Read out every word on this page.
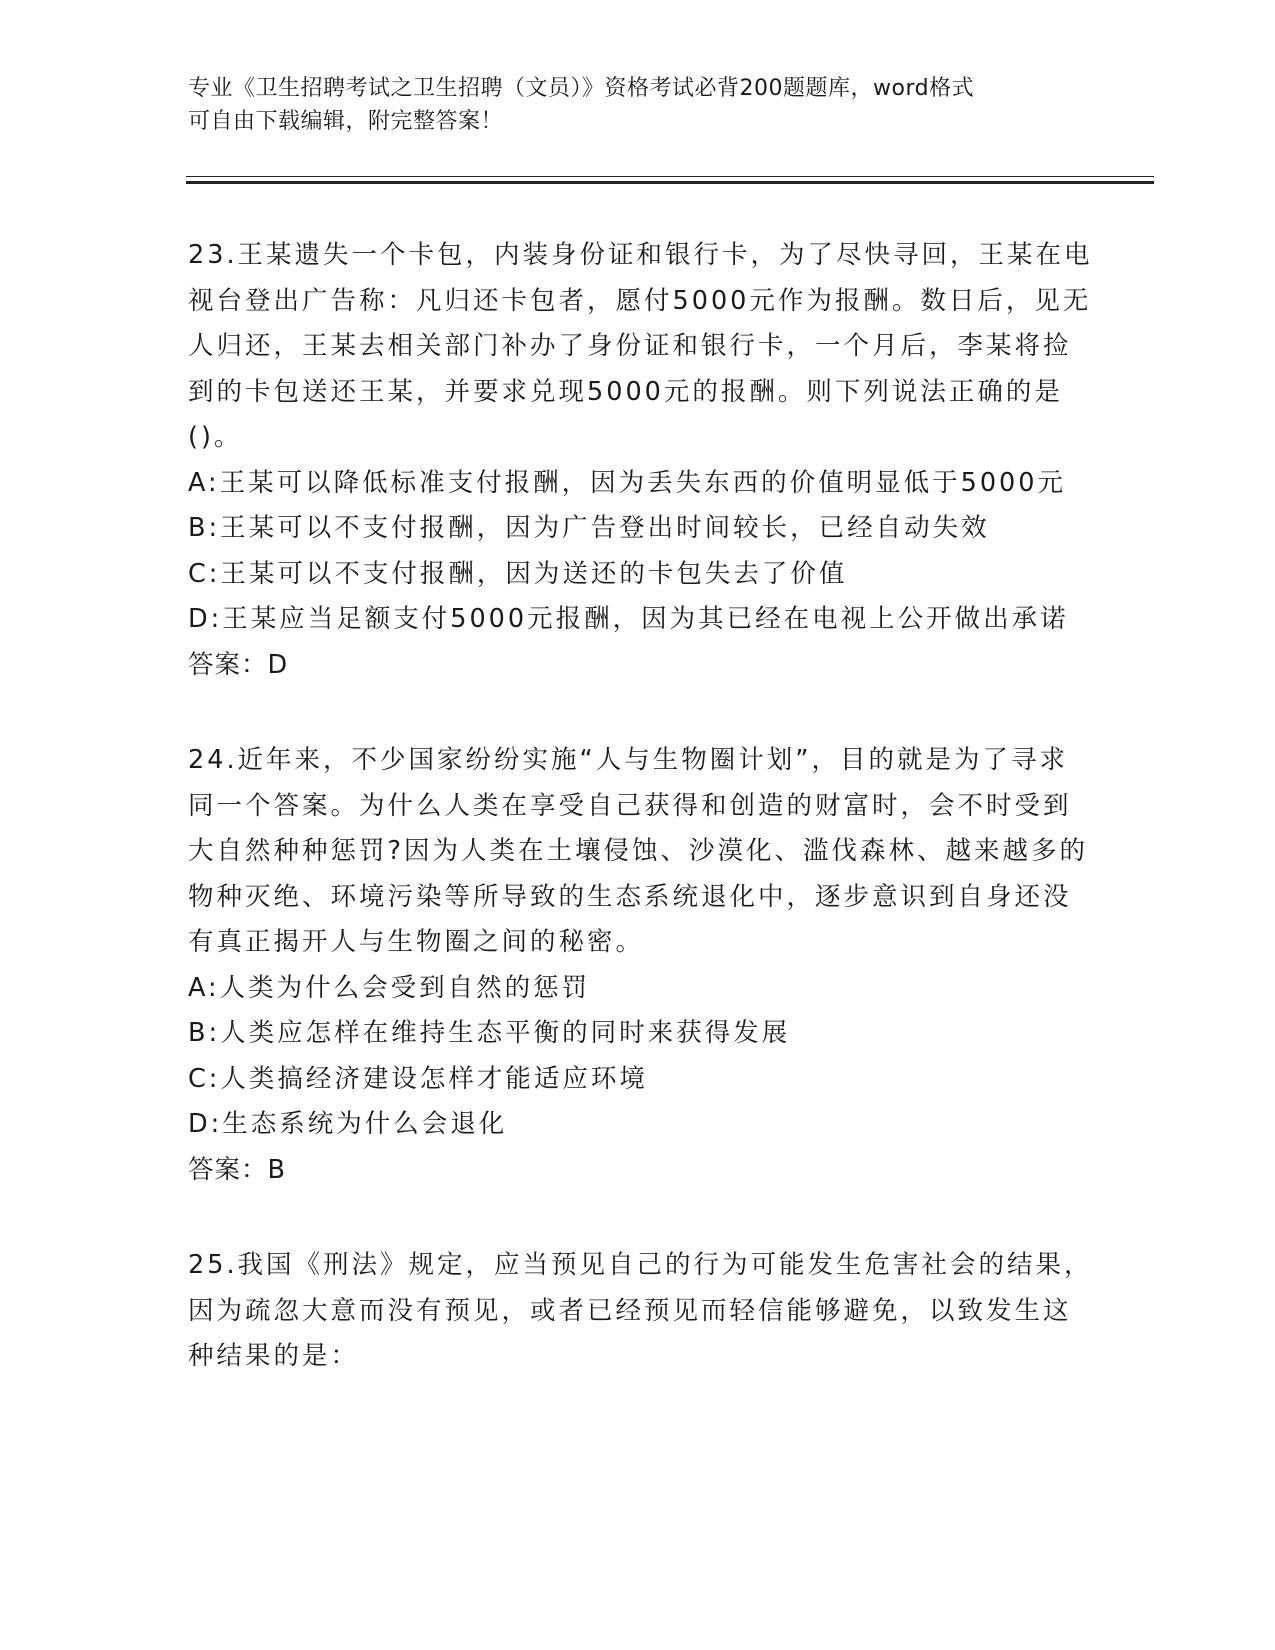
专业《卫生招聘考试之卫生招聘（文员）》资格考试必背200题题库，word格式
可自由下载编辑，附完整答案！

23.王某遗失一个卡包，内装身份证和银行卡，为了尽快寻回，王某在电视台登出广告称：凡归还卡包者，愿付5000元作为报酬。数日后，见无人归还，王某去相关部门补办了身份证和银行卡，一个月后，李某将捡到的卡包送还王某，并要求兑现5000元的报酬。则下列说法正确的是()。

A:王某可以降低标准支付报酬，因为丢失东西的价值明显低于5000元

B:王某可以不支付报酬，因为广告登出时间较长，已经自动失效

C:王某可以不支付报酬，因为送还的卡包失去了价值

D:王某应当足额支付5000元报酬，因为其已经在电视上公开做出承诺

答案：D

24.近年来，不少国家纷纷实施“人与生物圈计划”，目的就是为了寻求同一个答案。为什么人类在享受自己获得和创造的财富时，会不时受到大自然种种惩罚?因为人类在土壤侵蚀、沙漠化、滥伐森林、越来越多的物种灭绝、环境污染等所导致的生态系统退化中，逐步意识到自身还没有真正揭开人与生物圈之间的秘密。

A:人类为什么会受到自然的惩罚

B:人类应怎样在维持生态平衡的同时来获得发展

C:人类搞经济建设怎样才能适应环境

D:生态系统为什么会退化

答案：B

25.我国《刑法》规定，应当预见自己的行为可能发生危害社会的结果，因为疏忽大意而没有预见，或者已经预见而轻信能够避免，以致发生这种结果的是：
